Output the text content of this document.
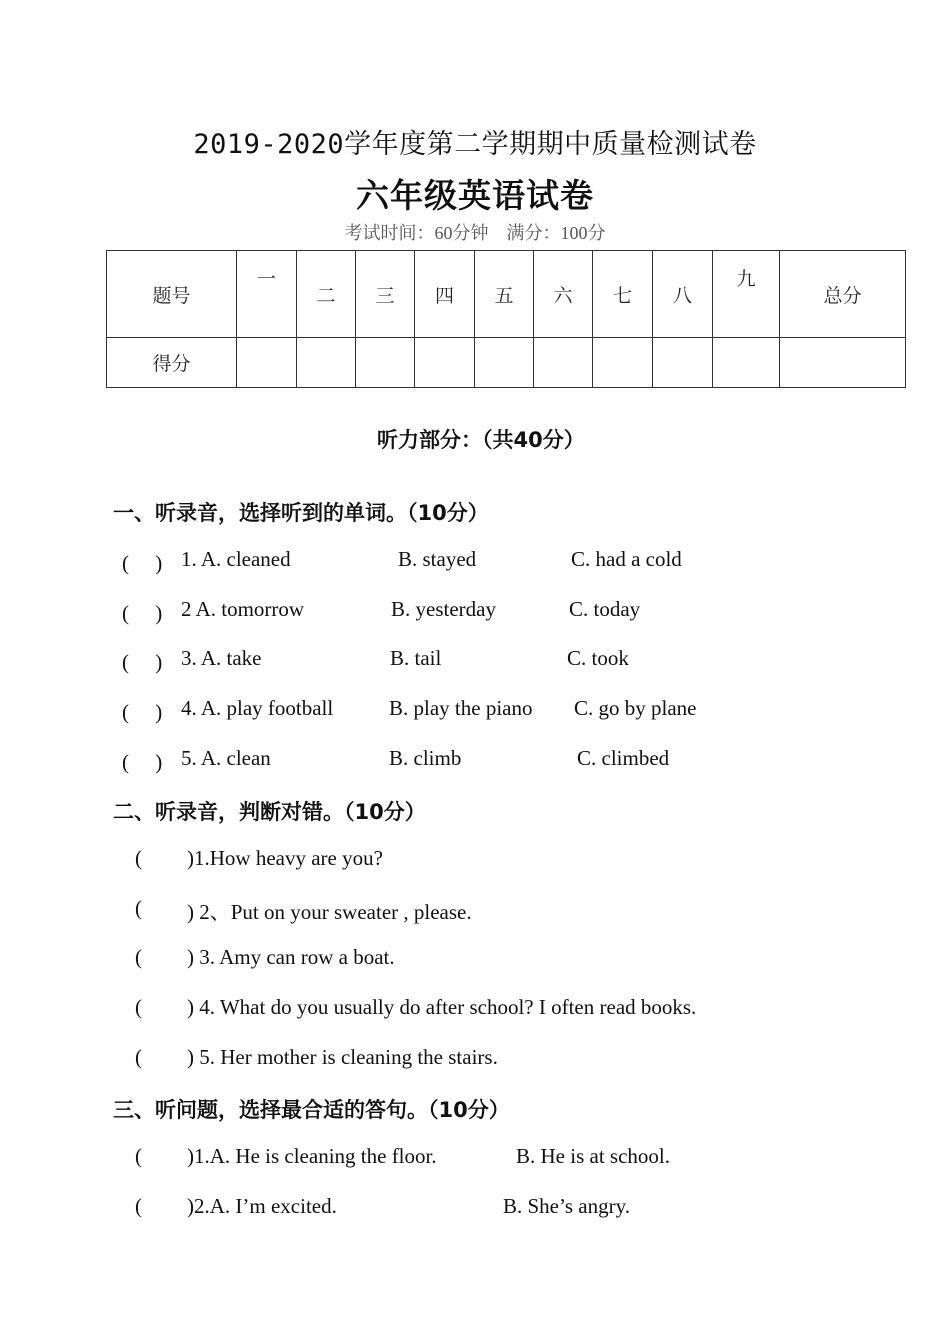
2019-2020学年度第二学期期中质量检测试卷
六年级英语试卷
考试时间：60分钟　满分：100分
题号	一	二	三	四	五	六	七	八	九	总分
得分										
听力部分：（共40分）
一、听录音，选择听到的单词。（10分）
(　 ) 1. A. cleaned	B. stayed	C. had a cold
(　 ) 2 A. tomorrow	B. yesterday	C. today
(　 ) 3. A. take	B. tail	C. took
(　 ) 4. A. play football	B. play the piano C. go by plane
(　 ) 5. A. clean	B. climb	C. climbed
二、听录音，判断对错。（10分）
( )1.How heavy are you?
( ) 2、Put on your sweater , please.
( ) 3. Amy can row a boat.
( ) 4. What do you usually do after school? I often read books.
( ) 5. Her mother is cleaning the stairs.
三、听问题，选择最合适的答句。（10分）
( )1.A. He is cleaning the floor.	B. He is at school.
( )2.A. I’m excited.	B. She’s angry.
